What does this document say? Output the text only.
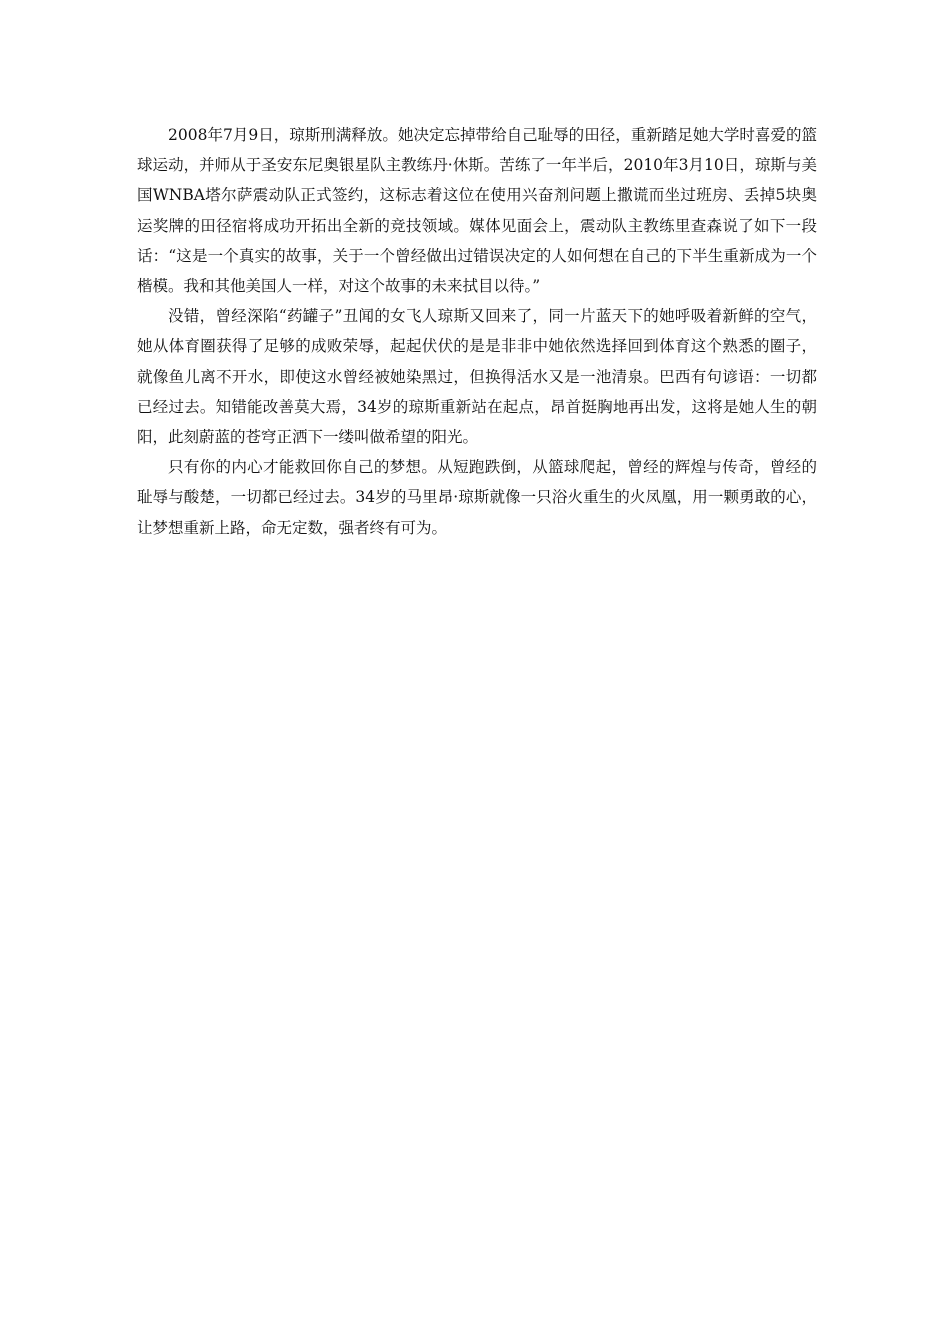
2008年7月9日，琼斯刑满释放。她决定忘掉带给自己耻辱的田径，重新踏足她大学时喜爱的篮球运动，并师从于圣安东尼奥银星队主教练丹·休斯。苦练了一年半后，2010年3月10日，琼斯与美国WNBA塔尔萨震动队正式签约，这标志着这位在使用兴奋剂问题上撒谎而坐过班房、丢掉5块奥运奖牌的田径宿将成功开拓出全新的竞技领域。媒体见面会上，震动队主教练里查森说了如下一段话：“这是一个真实的故事，关于一个曾经做出过错误决定的人如何想在自己的下半生重新成为一个楷模。我和其他美国人一样，对这个故事的未来拭目以待。”

没错，曾经深陷“药罐子”丑闻的女飞人琼斯又回来了，同一片蓝天下的她呼吸着新鲜的空气，她从体育圈获得了足够的成败荣辱，起起伏伏的是是非非中她依然选择回到体育这个熟悉的圈子，就像鱼儿离不开水，即使这水曾经被她染黑过，但换得活水又是一池清泉。巴西有句谚语：一切都已经过去。知错能改善莫大焉，34岁的琼斯重新站在起点，昂首挺胸地再出发，这将是她人生的朝阳，此刻蔚蓝的苍穹正洒下一缕叫做希望的阳光。

只有你的内心才能救回你自己的梦想。从短跑跌倒，从篮球爬起，曾经的辉煌与传奇，曾经的耻辱与酸楚，一切都已经过去。34岁的马里昂·琼斯就像一只浴火重生的火凤凰，用一颗勇敢的心，让梦想重新上路，命无定数，强者终有可为。
